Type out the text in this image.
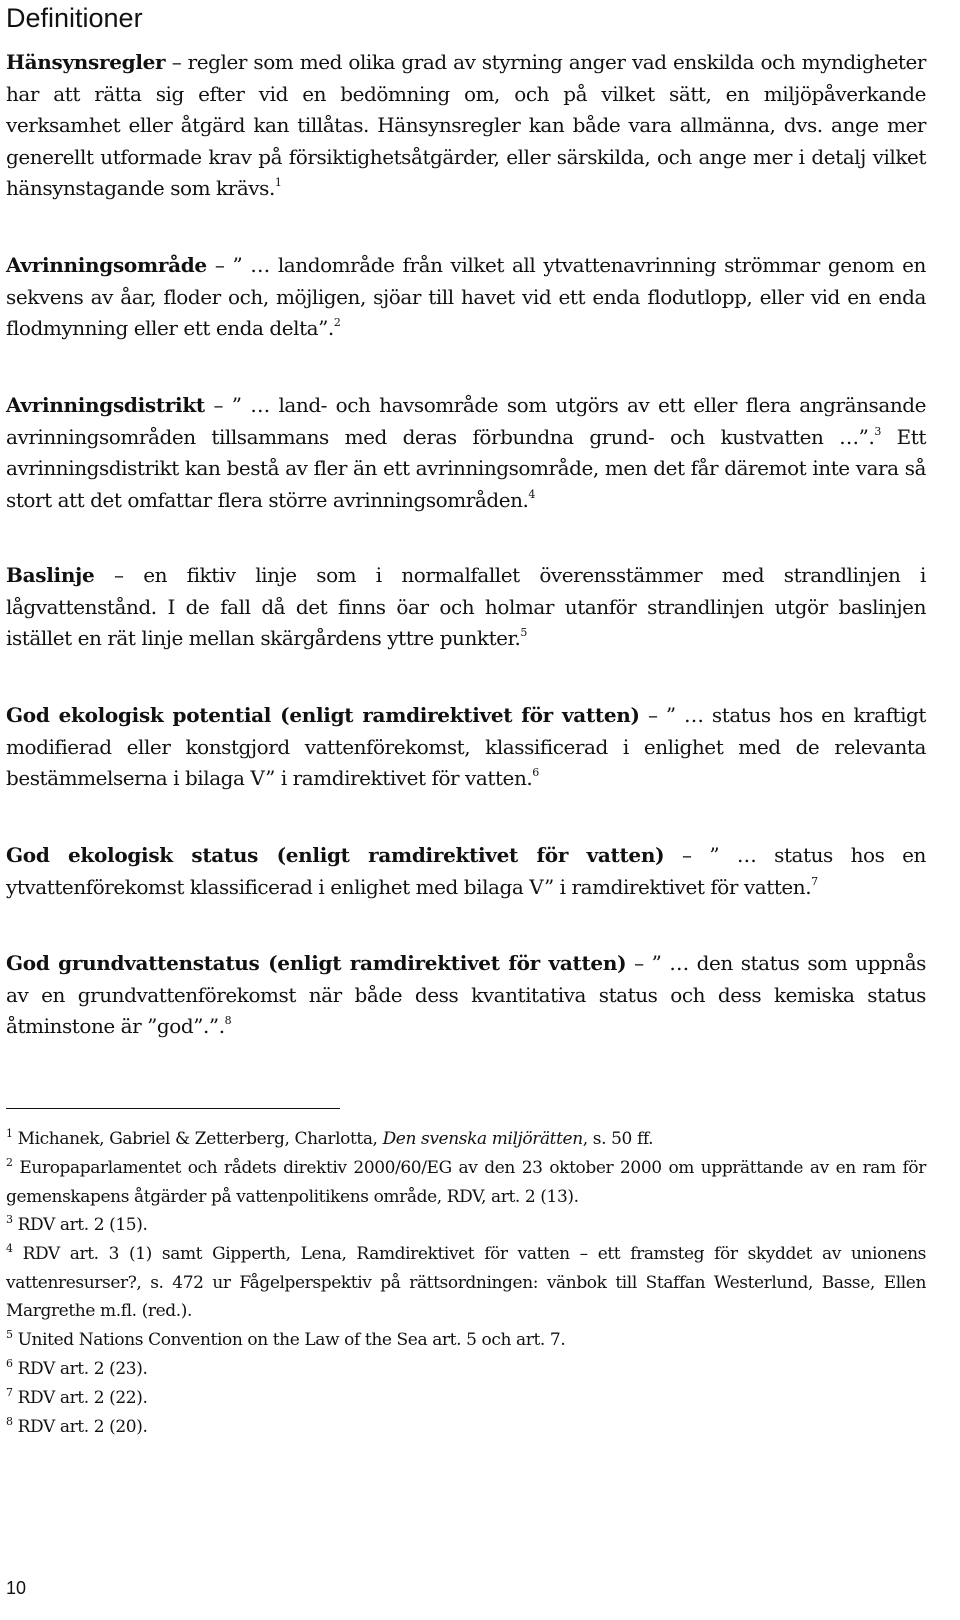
Definitioner

Hänsynsregler – regler som med olika grad av styrning anger vad enskilda och myndigheter har att rätta sig efter vid en bedömning om, och på vilket sätt, en miljöpåverkande verksamhet eller åtgärd kan tillåtas. Hänsynsregler kan både vara allmänna, dvs. ange mer generellt utformade krav på försiktighetsåtgärder, eller särskilda, och ange mer i detalj vilket hänsynstagande som krävs.$^1$

Avrinningsområde – ” … landområde från vilket all ytvattenavrinning strömmar genom en sekvens av åar, floder och, möjligen, sjöar till havet vid ett enda flodutlopp, eller vid en enda flodmynning eller ett enda delta”.$^2$

Avrinningsdistrikt – ” … land- och havsområde som utgörs av ett eller flera angränsande avrinningsområden tillsammans med deras förbundna grund- och kustvatten …”.$^3$ Ett avrinningsdistrikt kan bestå av fler än ett avrinningsområde, men det får däremot inte vara så stort att det omfattar flera större avrinningsområden.$^4$

Baslinje – en fiktiv linje som i normalfallet överensstämmer med strandlinjen i lågvattenstånd. I de fall då det finns öar och holmar utanför strandlinjen utgör baslinjen istället en rät linje mellan skärgårdens yttre punkter.$^5$

God ekologisk potential (enligt ramdirektivet för vatten) – ” … status hos en kraftigt modifierad eller konstgjord vattenförekomst, klassificerad i enlighet med de relevanta bestämmelserna i bilaga V” i ramdirektivet för vatten.$^6$

God ekologisk status (enligt ramdirektivet för vatten) – ” … status hos en ytvattenförekomst klassificerad i enlighet med bilaga V” i ramdirektivet för vatten.$^7$

God grundvattenstatus (enligt ramdirektivet för vatten) – ” … den status som uppnås av en grundvattenförekomst när både dess kvantitativa status och dess kemiska status åtminstone är ”god”.”.$^8$

$^1$ Michanek, Gabriel & Zetterberg, Charlotta, Den svenska miljörätten, s. 50 ff.

$^2$ Europaparlamentet och rådets direktiv 2000/60/EG av den 23 oktober 2000 om upprättande av en ram för gemenskapens åtgärder på vattenpolitikens område, RDV, art. 2 (13).

$^3$ RDV art. 2 (15).

$^4$ RDV art. 3 (1) samt Gipperth, Lena, Ramdirektivet för vatten – ett framsteg för skyddet av unionens vattenresurser?, s. 472 ur Fågelperspektiv på rättsordningen: vänbok till Staffan Westerlund, Basse, Ellen Margrethe m.fl. (red.).

$^5$ United Nations Convention on the Law of the Sea art. 5 och art. 7.

$^6$ RDV art. 2 (23).

$^7$ RDV art. 2 (22).

$^8$ RDV art. 2 (20).

10
